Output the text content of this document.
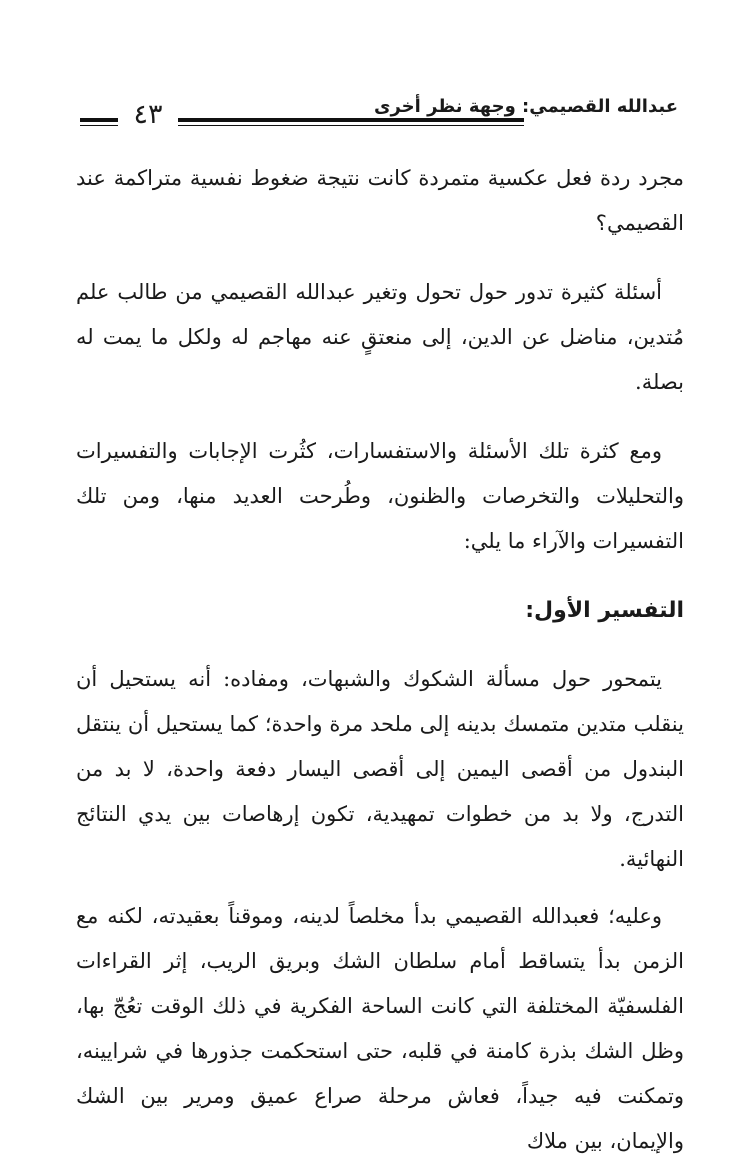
٤٣	عبدالله القصيمي: وجهة نظر أخرى

مجرد ردة فعل عكسية متمردة كانت نتيجة ضغوط نفسية متراكمة عند القصيمي؟

أسئلة كثيرة تدور حول تحول وتغير عبدالله القصيمي من طالب علم مُتدين، مناضل عن الدين، إلى منعتقٍ عنه مهاجم له ولكل ما يمت له بصلة.

ومع كثرة تلك الأسئلة والاستفسارات، كثُرت الإجابات والتفسيرات والتحليلات والتخرصات والظنون، وطُرحت العديد منها، ومن تلك التفسيرات والآراء ما يلي:

التفسير الأول:

يتمحور حول مسألة الشكوك والشبهات، ومفاده: أنه يستحيل أن ينقلب متدين متمسك بدينه إلى ملحد مرة واحدة؛ كما يستحيل أن ينتقل البندول من أقصى اليمين إلى أقصى اليسار دفعة واحدة، لا بد من التدرج، ولا بد من خطوات تمهيدية، تكون إرهاصات بين يدي النتائج النهائية.

وعليه؛ فعبدالله القصيمي بدأ مخلصاً لدينه، وموقناً بعقيدته، لكنه مع الزمن بدأ يتساقط أمام سلطان الشك وبريق الريب، إثر القراءات الفلسفيّة المختلفة التي كانت الساحة الفكرية في ذلك الوقت تعُجّ بها، وظل الشك بذرة كامنة في قلبه، حتى استحكمت جذورها في شرايينه، وتمكنت فيه جيداً، فعاش مرحلة صراع عميق ومرير بين الشك والإيمان، بين ملاك
